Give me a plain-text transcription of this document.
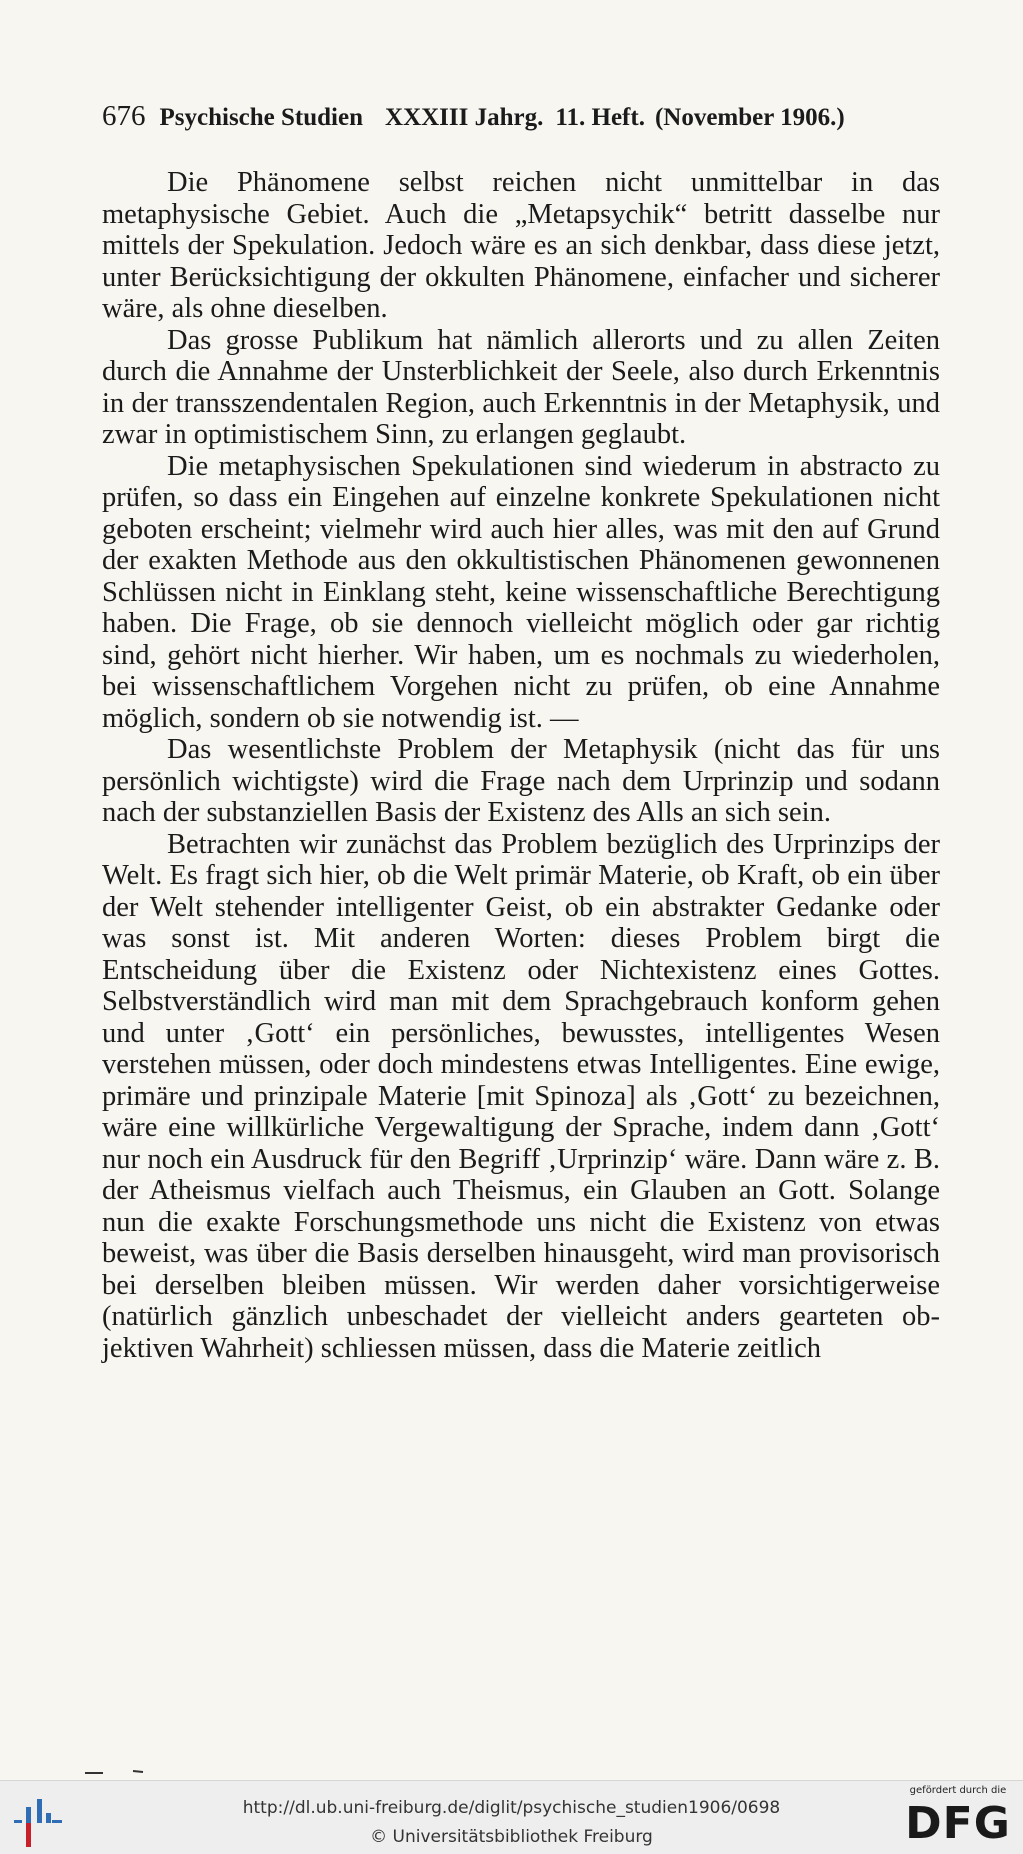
676 Psychische Studien XXXIII Jahrg. 11. Heft. (November 1906.)

Die Phänomene selbst reichen nicht unmittelbar in das metaphysische Gebiet. Auch die „Metapsychik“ betritt dasselbe nur mittels der Spekulation. Jedoch wäre es an sich denkbar, dass diese jetzt, unter Berücksichtigung der okkulten Phänomene, einfacher und sicherer wäre, als ohne dieselben.

Das grosse Publikum hat nämlich allerorts und zu allen Zeiten durch die Annahme der Unsterblichkeit der Seele, also durch Erkenntnis in der transszendentalen Region, auch Erkenntnis in der Metaphysik, und zwar in optimistischem Sinn, zu erlangen geglaubt.

Die metaphysischen Spekulationen sind wiederum in abstracto zu prüfen, so dass ein Eingehen auf einzelne konkrete Spekulationen nicht geboten erscheint; vielmehr wird auch hier alles, was mit den auf Grund der exakten Methode aus den okkultistischen Phänomenen gewonnenen Schlüssen nicht in Einklang steht, keine wissenschaftliche Berechtigung haben. Die Frage, ob sie dennoch vielleicht möglich oder gar richtig sind, gehört nicht hierher. Wir haben, um es nochmals zu wiederholen, bei wissenschaftlichem Vorgehen nicht zu prüfen, ob eine Annahme möglich, sondern ob sie notwendig ist. —

Das wesentlichste Problem der Metaphysik (nicht das für uns persönlich wichtigste) wird die Frage nach dem Urprinzip und sodann nach der substanziellen Basis der Existenz des Alls an sich sein.

Betrachten wir zunächst das Problem bezüglich des Urprinzips der Welt. Es fragt sich hier, ob die Welt primär Materie, ob Kraft, ob ein über der Welt stehender intelligenter Geist, ob ein abstrakter Gedanke oder was sonst ist. Mit anderen Worten: dieses Problem birgt die Entscheidung über die Existenz oder Nichtexistenz eines Gottes. Selbstverständlich wird man mit dem Sprachgebrauch konform gehen und unter ‚Gott‘ ein persönliches, bewusstes, intelligentes Wesen verstehen müssen, oder doch mindestens etwas Intelligentes. Eine ewige, primäre und prinzipale Materie [mit Spinoza] als ‚Gott‘ zu bezeichnen, wäre eine willkürliche Vergewaltigung der Sprache, indem dann ‚Gott‘ nur noch ein Ausdruck für den Begriff ‚Urprinzip‘ wäre. Dann wäre z. B. der Atheismus vielfach auch Theismus, ein Glauben an Gott. Solange nun die exakte Forschungsmethode uns nicht die Existenz von etwas beweist, was über die Basis derselben hinausgeht, wird man provisorisch bei derselben bleiben müssen. Wir werden daher vorsichtigerweise (natürlich gänzlich unbeschadet der vielleicht anders gearteten objektiven Wahrheit) schliessen müssen, dass die Materie zeitlich

http://dl.ub.uni-freiburg.de/diglit/psychische_studien1906/0698
© Universitätsbibliothek Freiburg
gefördert durch die
DFG
